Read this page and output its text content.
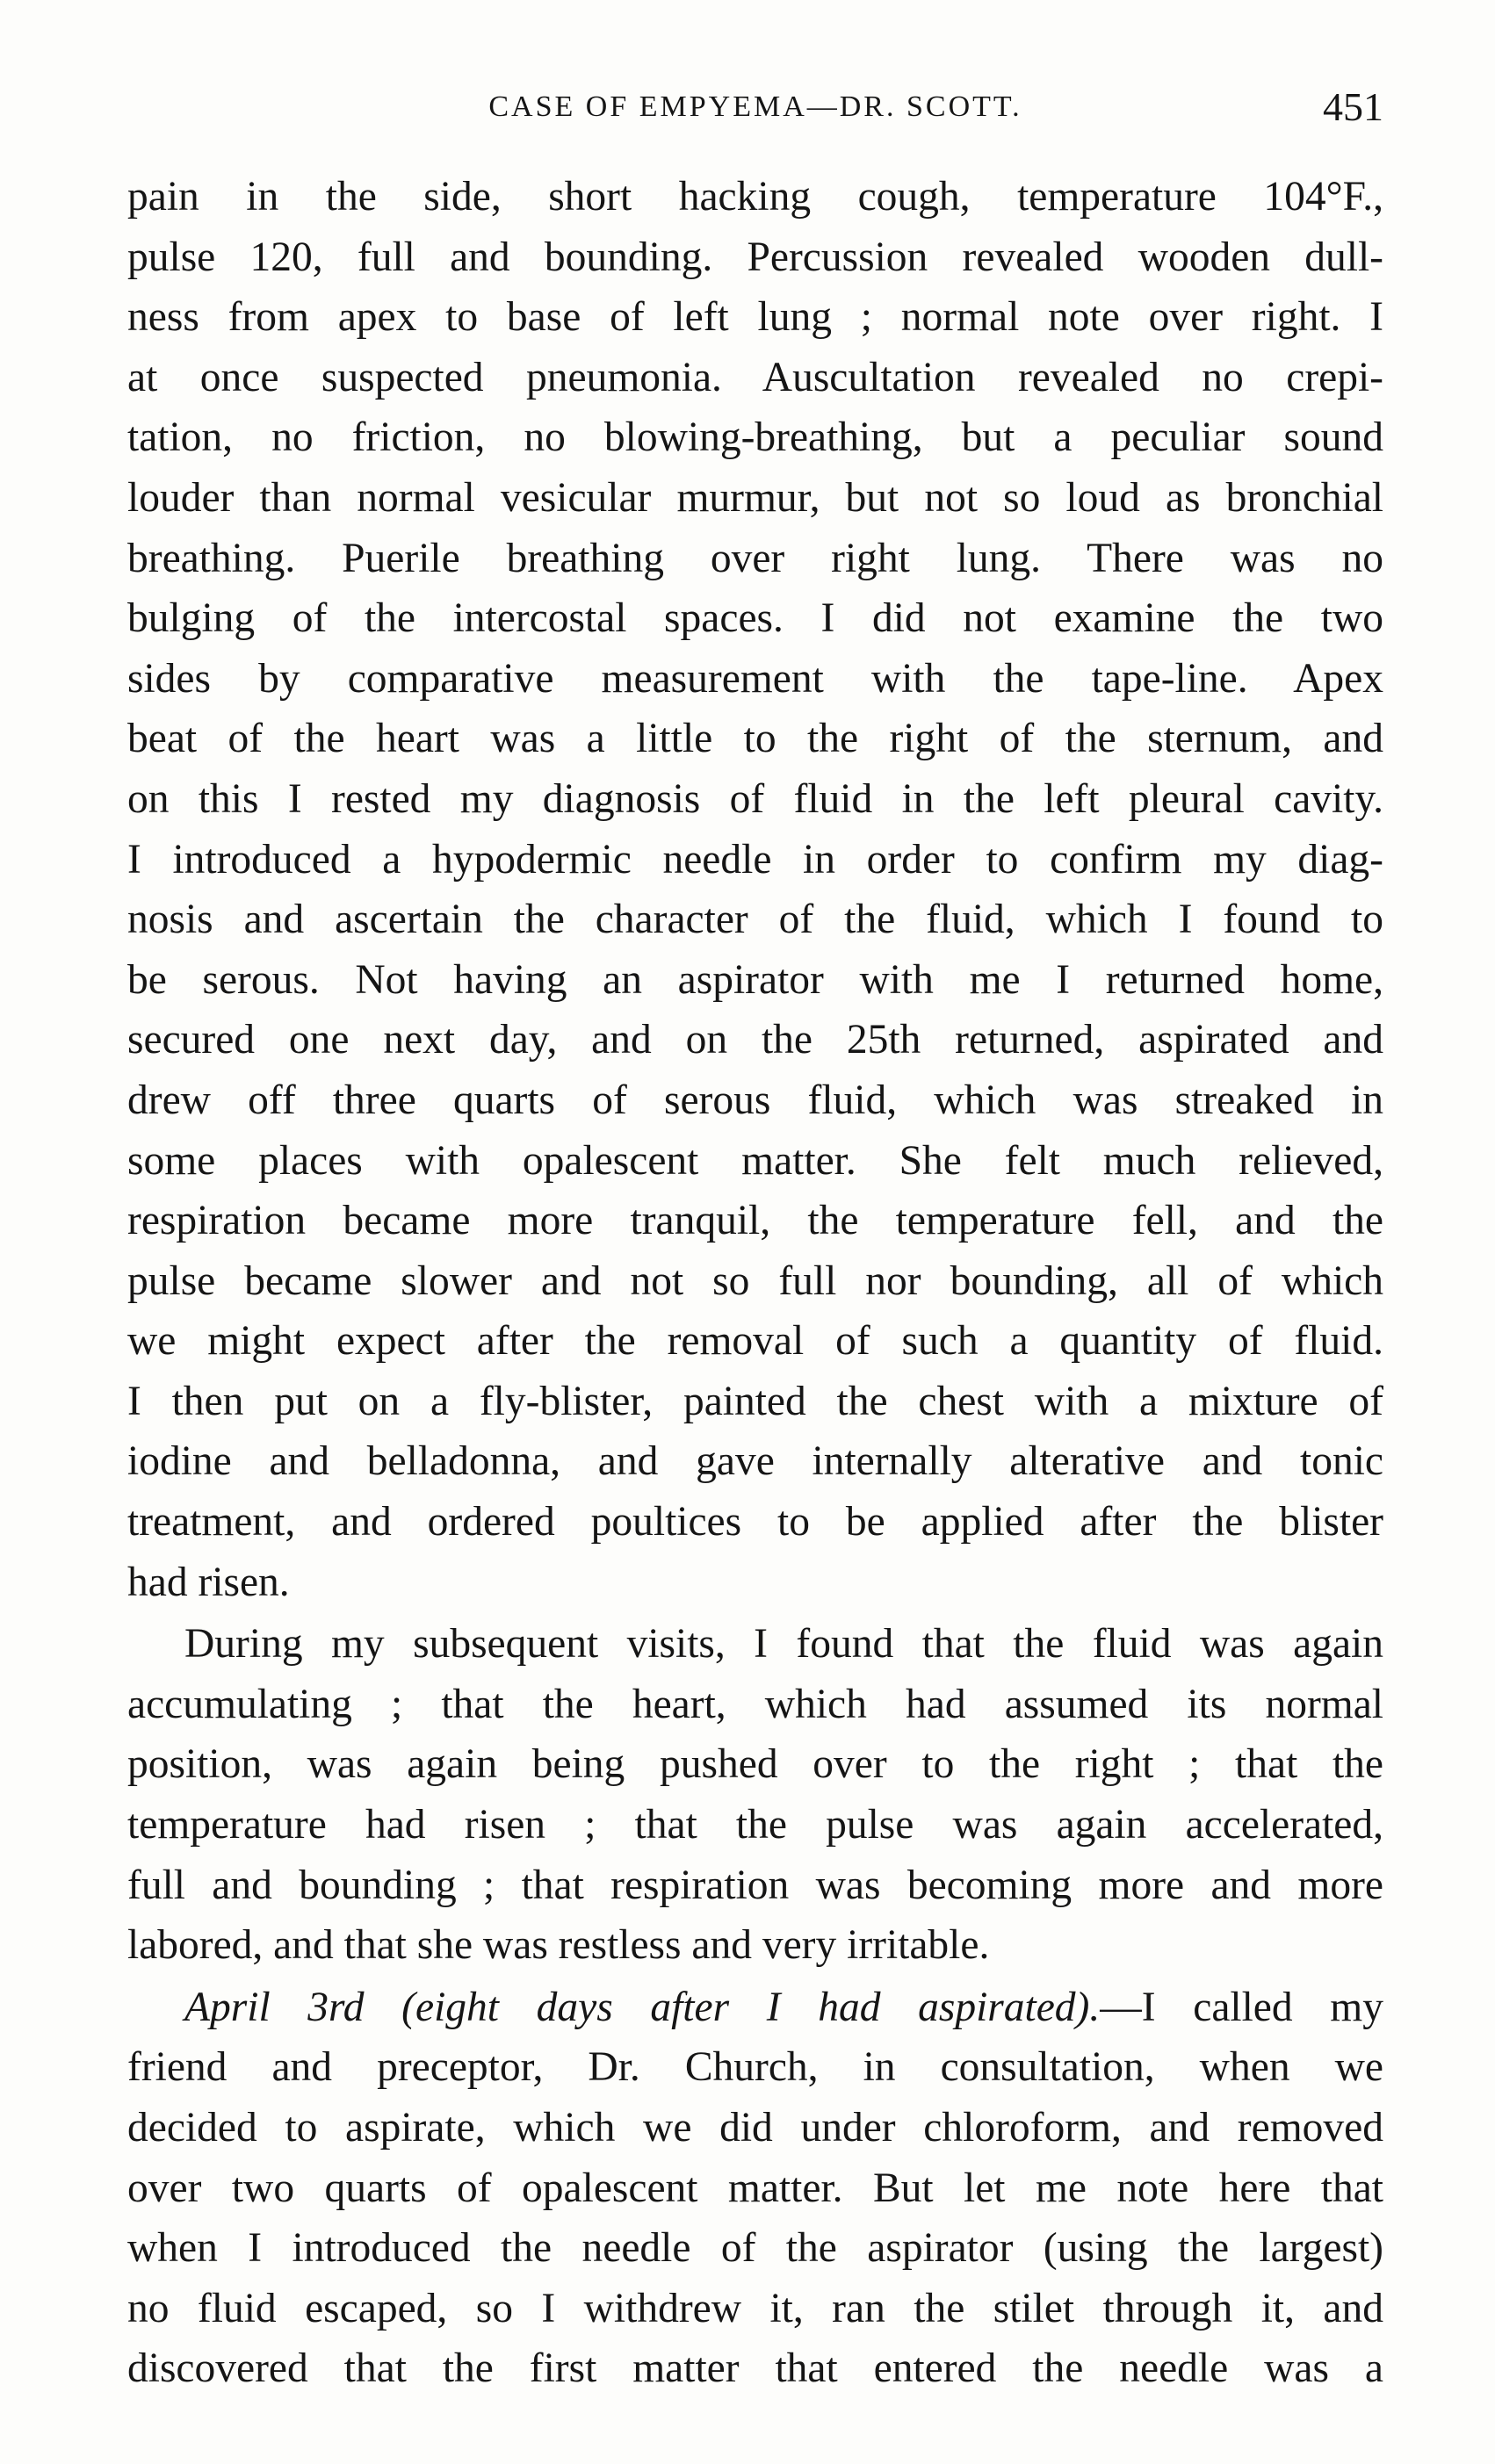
CASE OF EMPYEMA—DR. SCOTT.	451

pain in the side, short hacking cough, temperature 104°F.,
pulse 120, full and bounding. Percussion revealed wooden dull-
ness from apex to base of left lung ; normal note over right. I
at once suspected pneumonia. Auscultation revealed no crepi-
tation, no friction, no blowing-breathing, but a peculiar sound
louder than normal vesicular murmur, but not so loud as bronchial
breathing. Puerile breathing over right lung. There was no
bulging of the intercostal spaces. I did not examine the two
sides by comparative measurement with the tape-line. Apex
beat of the heart was a little to the right of the sternum, and
on this I rested my diagnosis of fluid in the left pleural cavity.
I introduced a hypodermic needle in order to confirm my diag-
nosis and ascertain the character of the fluid, which I found to
be serous. Not having an aspirator with me I returned home,
secured one next day, and on the 25th returned, aspirated and
drew off three quarts of serous fluid, which was streaked in
some places with opalescent matter. She felt much relieved,
respiration became more tranquil, the temperature fell, and the
pulse became slower and not so full nor bounding, all of which
we might expect after the removal of such a quantity of fluid.
I then put on a fly-blister, painted the chest with a mixture of
iodine and belladonna, and gave internally alterative and tonic
treatment, and ordered poultices to be applied after the blister
had risen.

During my subsequent visits, I found that the fluid was again
accumulating ; that the heart, which had assumed its normal
position, was again being pushed over to the right ; that the
temperature had risen ; that the pulse was again accelerated,
full and bounding ; that respiration was becoming more and more
labored, and that she was restless and very irritable.

April 3rd (eight days after I had aspirated).—I called my
friend and preceptor, Dr. Church, in consultation, when we
decided to aspirate, which we did under chloroform, and removed
over two quarts of opalescent matter. But let me note here that
when I introduced the needle of the aspirator (using the largest)
no fluid escaped, so I withdrew it, ran the stilet through it, and
discovered that the first matter that entered the needle was a
